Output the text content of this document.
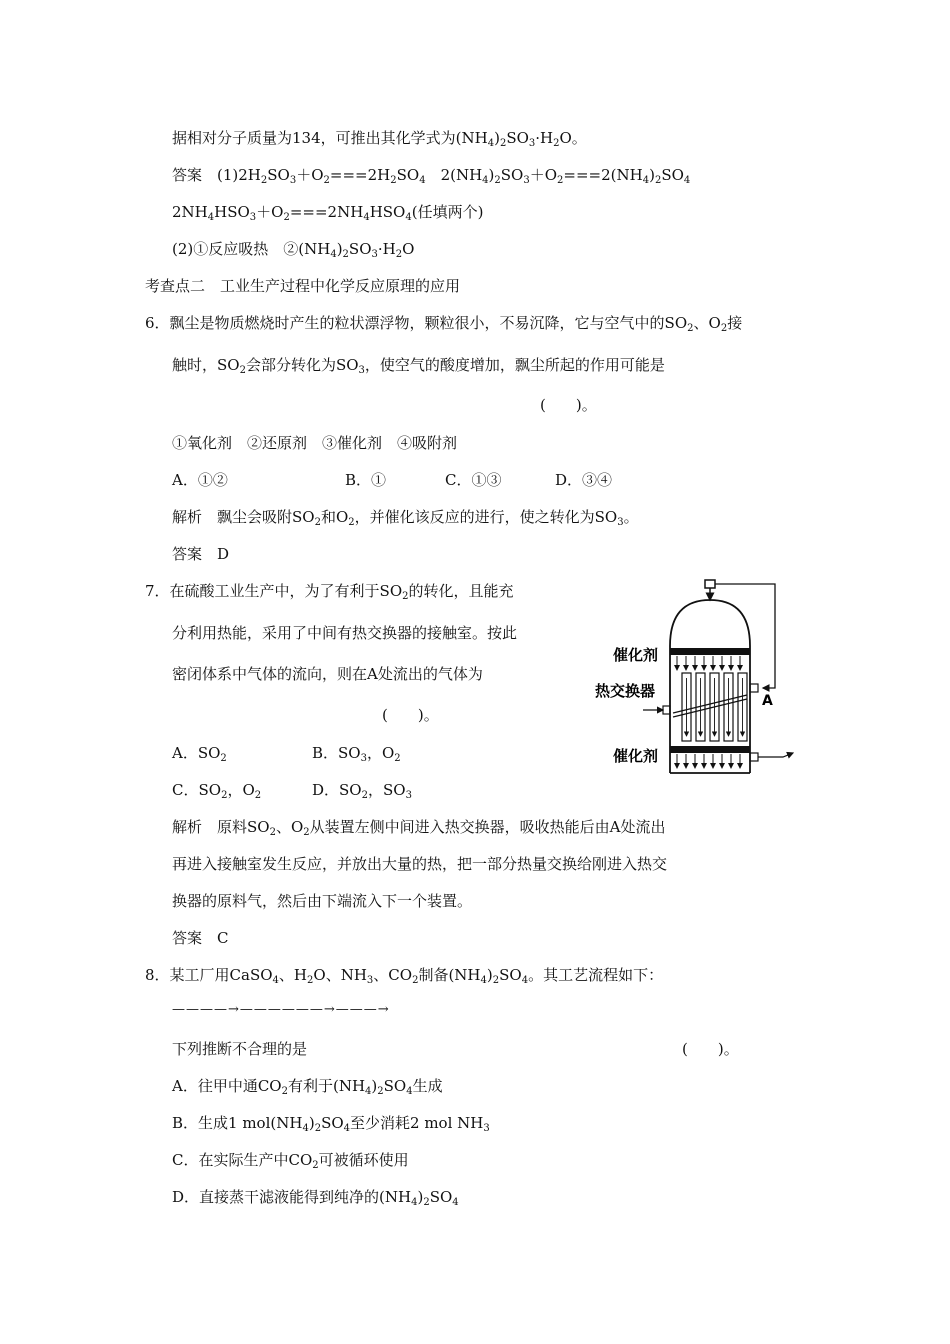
据相对分子质量为134，可推出其化学式为$(NH_4)_2SO_3\cdot H_2O$。
答案　$(1)2H_2SO_3+O_2===2H_2SO_4$　$2(NH_4)_2SO_3+O_2===2(NH_4)_2SO_4$
$2NH_4HSO_3+O_2===2NH_4HSO_4$(任填两个)
(2)①反应吸热　$②(NH_4)_2SO_3\cdot H_2O$
考查点二　工业生产过程中化学反应原理的应用
6．飘尘是物质燃烧时产生的粒状漂浮物，颗粒很小，不易沉降，它与空气中的$SO_2$、$O_2$接
触时，$SO_2$会部分转化为$SO_3$，使空气的酸度增加，飘尘所起的作用可能是
(　　)。
①氧化剂　②还原剂　③催化剂　④吸附剂
A．①②	B．①	C．①③	D．③④
解析　飘尘会吸附$SO_2$和$O_2$，并催化该反应的进行，使之转化为$SO_3$。
答案　D
7．在硫酸工业生产中，为了有利于$SO_2$的转化，且能充
分利用热能，采用了中间有热交换器的接触室。按此
密闭体系中气体的流向，则在A处流出的气体为
(　　)。
A．$SO_2$	B．$SO_3$，$O_2$
C．$SO_2$，$O_2$	D．$SO_2$，$SO_3$
解析　原料$SO_2$、$O_2$从装置左侧中间进入热交换器，吸收热能后由A处流出
再进入接触室发生反应，并放出大量的热，把一部分热量交换给刚进入热交
换器的原料气，然后由下端流入下一个装置。
答案　C
8．某工厂用CaSO$_4$、$H_2O$、$NH_3$、$CO_2$制备$(NH_4)_2SO_4$。其工艺流程如下：
————→——————→———→
下列推断不合理的是	(　　)。
A．往甲中通$CO_2$有利于$(NH_4)_2SO_4$生成
B．生成1 $mol(NH_4)_2SO_4$至少消耗2 mol $NH_3$
C．在实际生产中$CO_2$可被循环使用
D．直接蒸干滤液能得到纯净的$(NH_4)_2SO_4$
催化剂
热交换器
A
催化剂
